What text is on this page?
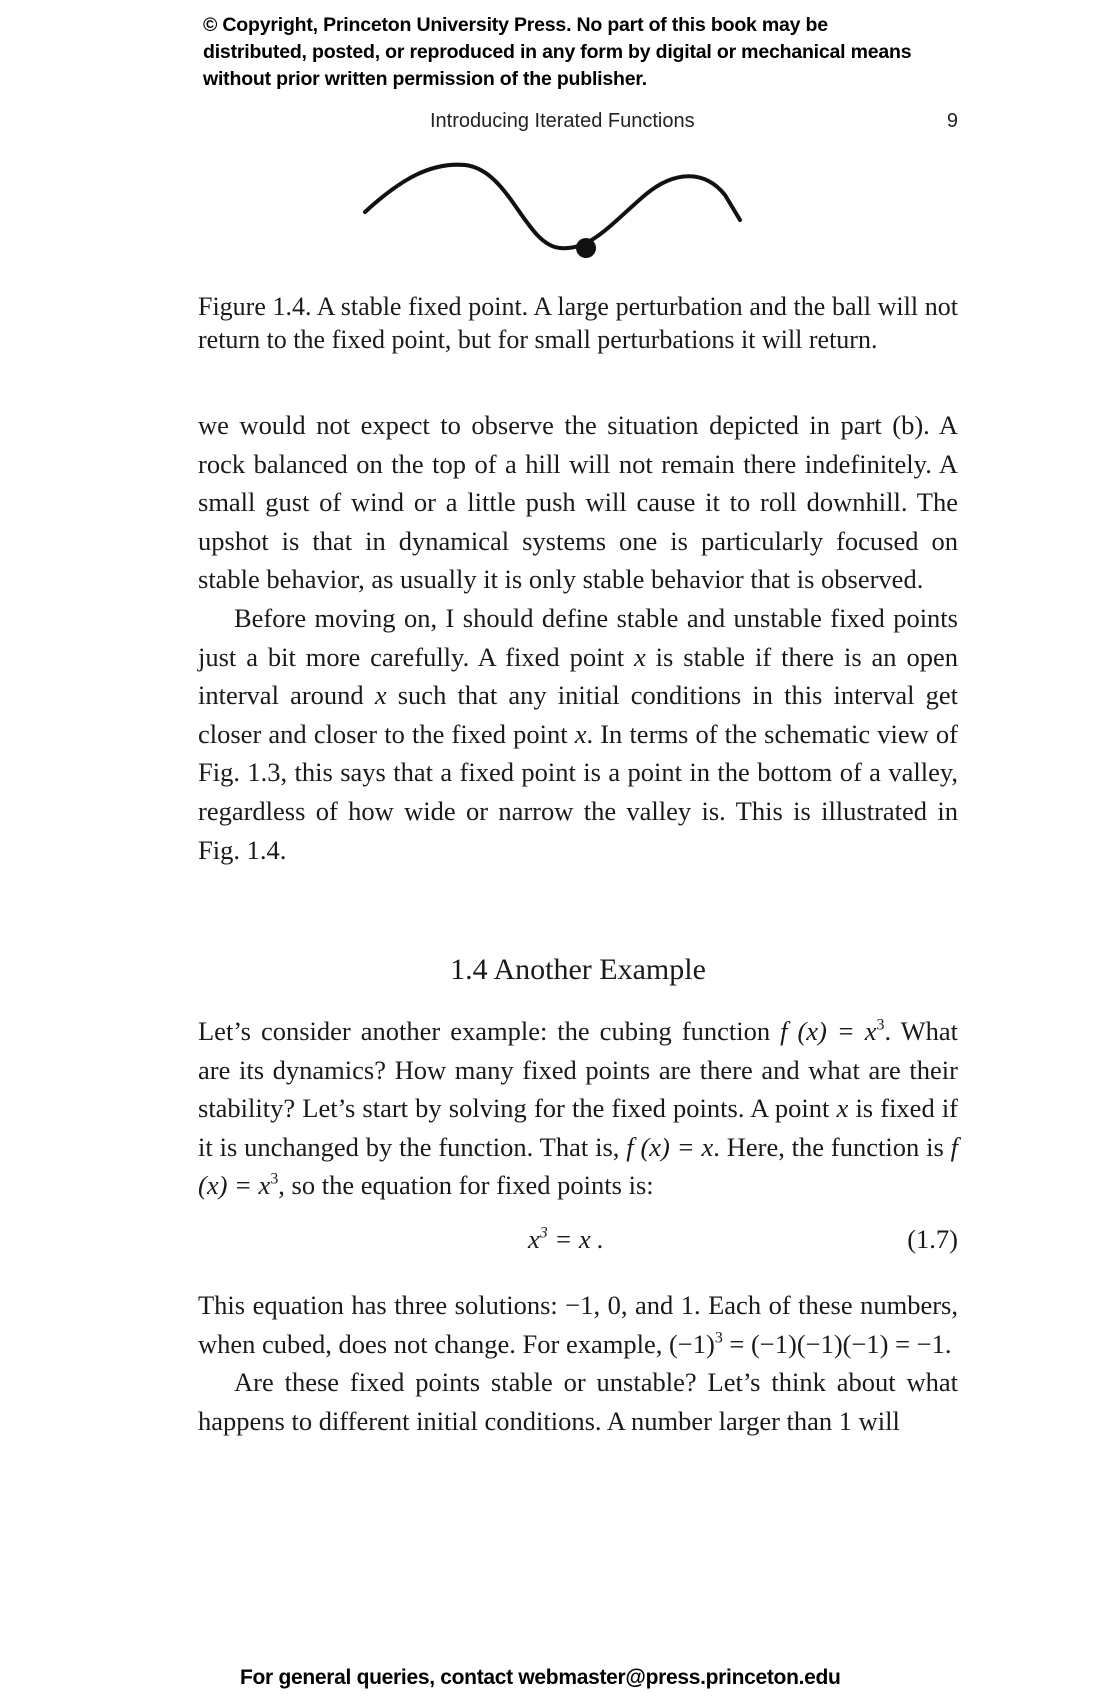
© Copyright, Princeton University Press. No part of this book may be distributed, posted, or reproduced in any form by digital or mechanical means without prior written permission of the publisher.
Introducing Iterated Functions	9
Figure 1.4. A stable fixed point. A large perturbation and the ball will not return to the fixed point, but for small perturbations it will return.

we would not expect to observe the situation depicted in part (b). A rock balanced on the top of a hill will not remain there indefinitely. A small gust of wind or a little push will cause it to roll downhill. The upshot is that in dynamical systems one is particularly focused on stable behavior, as usually it is only stable behavior that is observed.

Before moving on, I should define stable and unstable fixed points just a bit more carefully. A fixed point x is stable if there is an open interval around x such that any initial conditions in this interval get closer and closer to the fixed point x. In terms of the schematic view of Fig. 1.3, this says that a fixed point is a point in the bottom of a valley, regardless of how wide or narrow the valley is. This is illustrated in Fig. 1.4.

1.4 Another Example

Let’s consider another example: the cubing function f $(x) = x^3$. What are its dynamics? How many fixed points are there and what are their stability? Let’s start by solving for the fixed points. A point x is fixed if it is unchanged by the function. That is, f (x) = x. Here, the function is f $(x) = x^3$, so the equation for fixed points is:

$x^3 = x$ .	(1.7)

This equation has three solutions: −1, 0, and 1. Each of these numbers, when cubed, does not change. For example, $(-1)^3 = (-1)(-1)(-1) = -1$.

Are these fixed points stable or unstable? Let’s think about what happens to different initial conditions. A number larger than 1 will

For general queries, contact webmaster@press.princeton.edu
